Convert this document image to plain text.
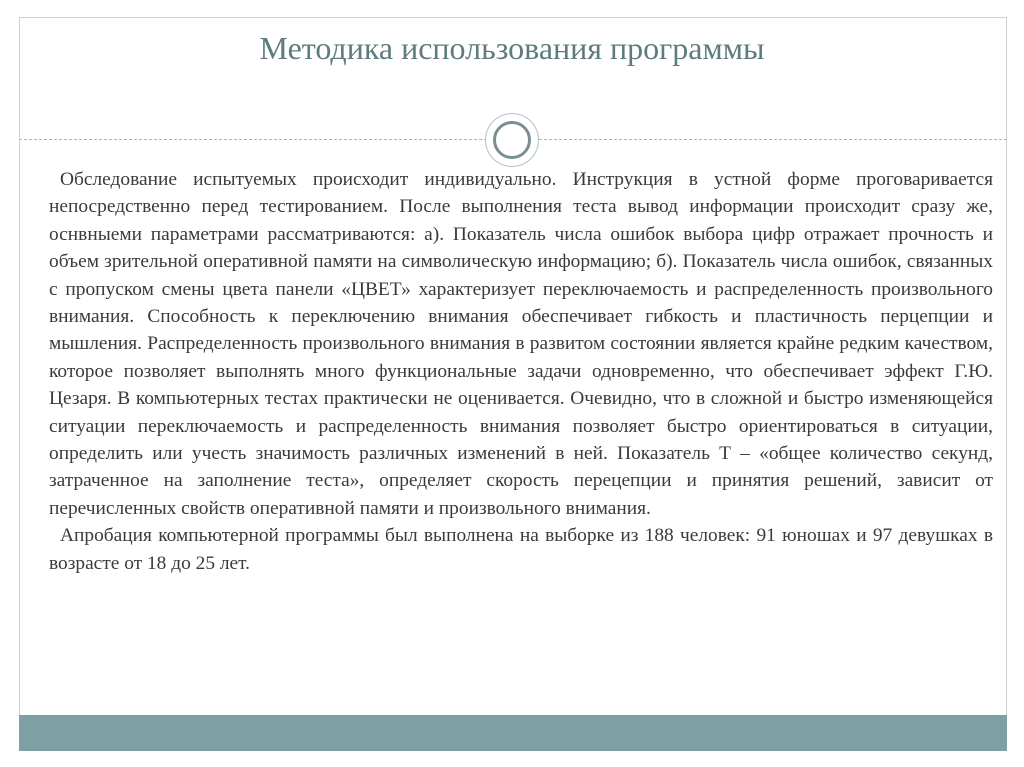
Методика использования программы

Обследование испытуемых происходит индивидуально. Инструкция в устной форме проговаривается непосредственно перед тестированием. После выполнения теста вывод информации происходит сразу же, оснвныеми параметрами рассматриваются: а). Показатель числа ошибок выбора цифр отражает прочность и объем зрительной оперативной памяти на символическую информацию; б). Показатель числа ошибок, связанных с пропуском смены цвета панели «ЦВЕТ» характеризует переключаемость и распределенность произвольного внимания. Способность к переключению внимания обеспечивает гибкость и пластичность перцепции и мышления. Распределенность произвольного внимания в развитом состоянии является крайне редким качеством, которое позволяет выполнять много функциональные задачи одновременно, что обеспечивает эффект Г.Ю. Цезаря. В компьютерных тестах практически не оценивается. Очевидно, что в сложной и быстро изменяющейся ситуации переключаемость и распределенность внимания позволяет быстро ориентироваться в ситуации, определить или учесть значимость различных изменений в ней. Показатель Т – «общее количество секунд, затраченное на заполнение теста», определяет скорость перецепции и принятия решений, зависит от перечисленных свойств оперативной памяти и произвольного внимания.

Апробация компьютерной программы был выполнена на выборке из 188 человек: 91 юношах и 97 девушках в возрасте от 18 до 25 лет.
